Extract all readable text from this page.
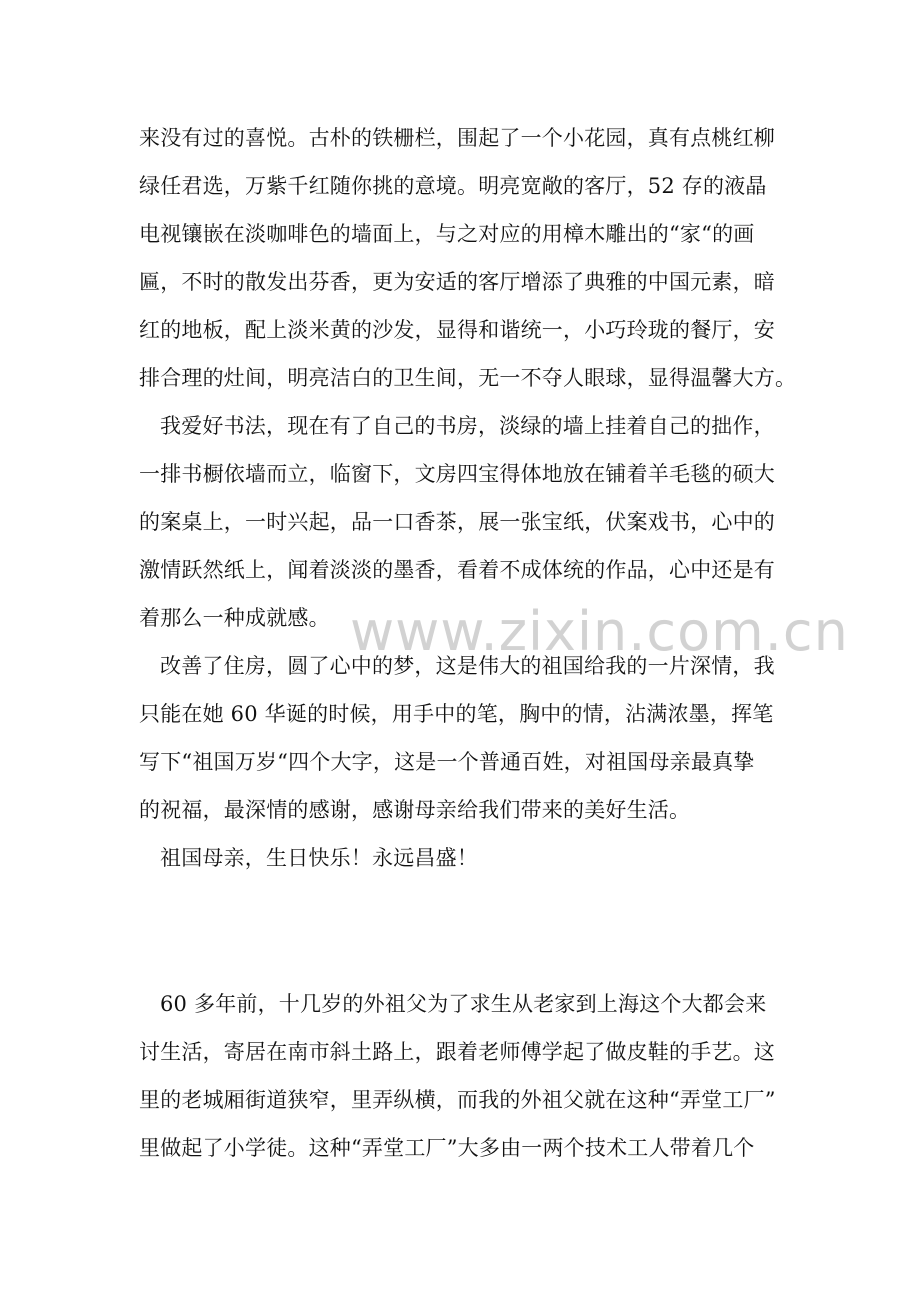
来没有过的喜悦。古朴的铁栅栏，围起了一个小花园，真有点桃红柳
绿任君选，万紫千红随你挑的意境。明亮宽敞的客厅，52 存的液晶
电视镶嵌在淡咖啡色的墙面上，与之对应的用樟木雕出的“家“的画
匾，不时的散发出芬香，更为安适的客厅增添了典雅的中国元素，暗
红的地板，配上淡米黄的沙发，显得和谐统一，小巧玲珑的餐厅，安
排合理的灶间，明亮洁白的卫生间，无一不夺人眼球，显得温馨大方。
我爱好书法，现在有了自己的书房，淡绿的墙上挂着自己的拙作，
一排书橱依墙而立，临窗下，文房四宝得体地放在铺着羊毛毯的硕大
的案桌上，一时兴起，品一口香茶，展一张宝纸，伏案戏书，心中的
激情跃然纸上，闻着淡淡的墨香，看着不成体统的作品，心中还是有
着那么一种成就感。
改善了住房，圆了心中的梦，这是伟大的祖国给我的一片深情，我
只能在她 60 华诞的时候，用手中的笔，胸中的情，沾满浓墨，挥笔
写下“祖国万岁“四个大字，这是一个普通百姓，对祖国母亲最真挚
的祝福，最深情的感谢，感谢母亲给我们带来的美好生活。
祖国母亲，生日快乐！永远昌盛！
60 多年前，十几岁的外祖父为了求生从老家到上海这个大都会来
讨生活，寄居在南市斜土路上，跟着老师傅学起了做皮鞋的手艺。这
里的老城厢街道狭窄，里弄纵横，而我的外祖父就在这种“弄堂工厂”
里做起了小学徒。这种“弄堂工厂”大多由一两个技术工人带着几个
www.zixin.com.cn
